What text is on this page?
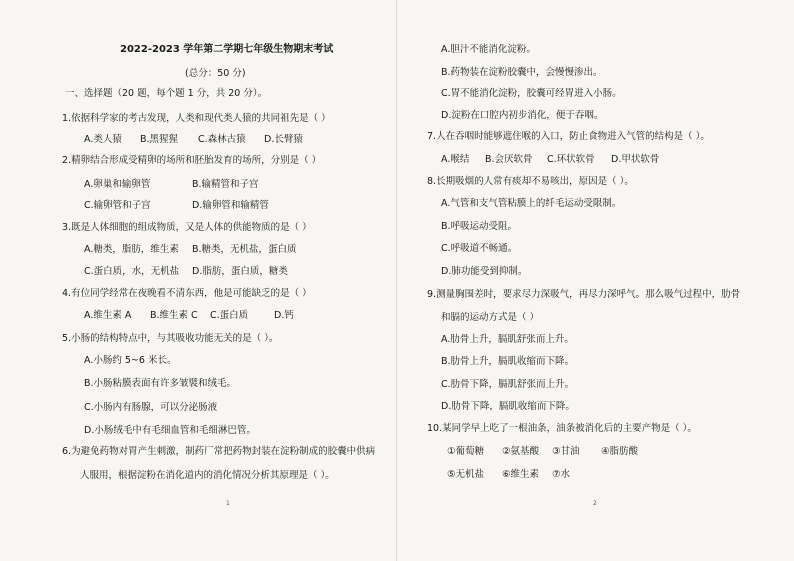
2022-2023 学年第二学期七年级生物期末考试
(总分：50 分)
一、选择题（20 题，每个题 1 分，共 20 分）。
1.依据科学家的考古发现，人类和现代类人猿的共同祖先是（ ）
A.类人猿	B.黑猩猩	C.森林古猿	D.长臂猿
2.精卵结合形成受精卵的场所和胚胎发育的场所，分别是（ ）
A.卵巢和输卵管	B.输精管和子宫
C.输卵管和子宫	D.输卵管和输精管
3.既是人体细胞的组成物质，又是人体的供能物质的是（ ）
A.糖类，脂肪，维生素 B.糖类，无机盐，蛋白质
C.蛋白质，水，无机盐 D.脂肪，蛋白质，糖类
4.有位同学经常在夜晚看不清东西，他是可能缺乏的是（ ）
A.维生素 A	B.维生素 C	C.蛋白质	D.钙
5.小肠的结构特点中，与其吸收功能无关的是（ ）。
A.小肠约 5~6 米长。
B.小肠粘膜表面有许多皱襞和绒毛。
C.小肠内有肠腺，可以分泌肠液
D.小肠绒毛中有毛细血管和毛细淋巴管。
6.为避免药物对胃产生刺激，制药厂常把药物封装在淀粉制成的胶囊中供病
人服用，根据淀粉在消化道内的消化情况分析其原理是（ ）。
1
A.胆汁不能消化淀粉。
B.药物装在淀粉胶囊中，会慢慢渗出。
C.胃不能消化淀粉，胶囊可经胃进入小肠。
D.淀粉在口腔内初步消化，便于吞咽。
7.人在吞咽时能够遮住喉的入口，防止食物进入气管的结构是（ ）。
A.喉结	B.会厌软骨	C.环状软骨	D.甲状软骨
8.长期吸烟的人常有痰却不易咳出，原因是（ ）。
A.气管和支气管粘膜上的纤毛运动受限制。
B.呼吸运动受阻。
C.呼吸道不畅通。
D.肺功能受到抑制。
9.测量胸围差时，要求尽力深吸气，再尽力深呼气。那么吸气过程中，肋骨
和膈的运动方式是（ ）
A.肋骨上升，膈肌舒张而上升。
B.肋骨上升，膈肌收缩而下降。
C.肋骨下降，膈肌舒张而上升。
D.肋骨下降，膈肌收缩而下降。
10.某同学早上吃了一根油条，油条被消化后的主要产物是（ ）。
①葡萄糖	②氨基酸	③甘油	④脂肪酸
⑤无机盐	⑥维生素	⑦水
2
